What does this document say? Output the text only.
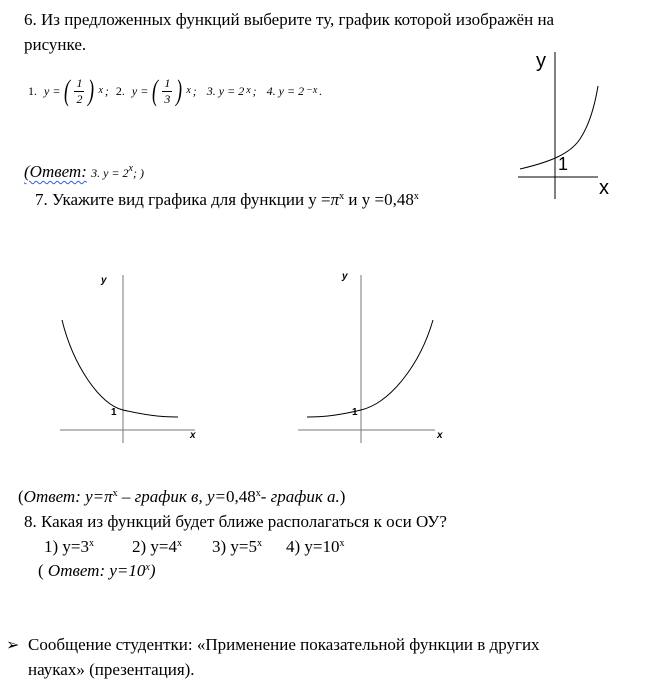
6. Из предложенных функций выберите ту, график которой изображён на
рисунке.
1.
y = ( $\frac{1}{2}$ ) x ;
2.
y = ( $\frac{1}{3}$ ) x ;
3. y = 2 x ;
4. y = 2 −x .
(Ответ: 3. $y = 2^x$; )
y
x
1
7. Укажите вид графика для функции $y =\pi^x$ и $y =0,48^x$
y
x
1
y
x
1
(Ответ: $y=\pi^x$ – график в, $y=0,48^x-$ график а.)
8. Какая из функций будет ближе располагаться к оси ОУ?
1) $y=3^x$ 2) $y=4^x$ 3) $y=5^x$ 4) $y=10^x$
( Ответ: $y=10^x$)
➢ Сообщение студентки: «Применение показательной функции в других
науках» (презентация).
